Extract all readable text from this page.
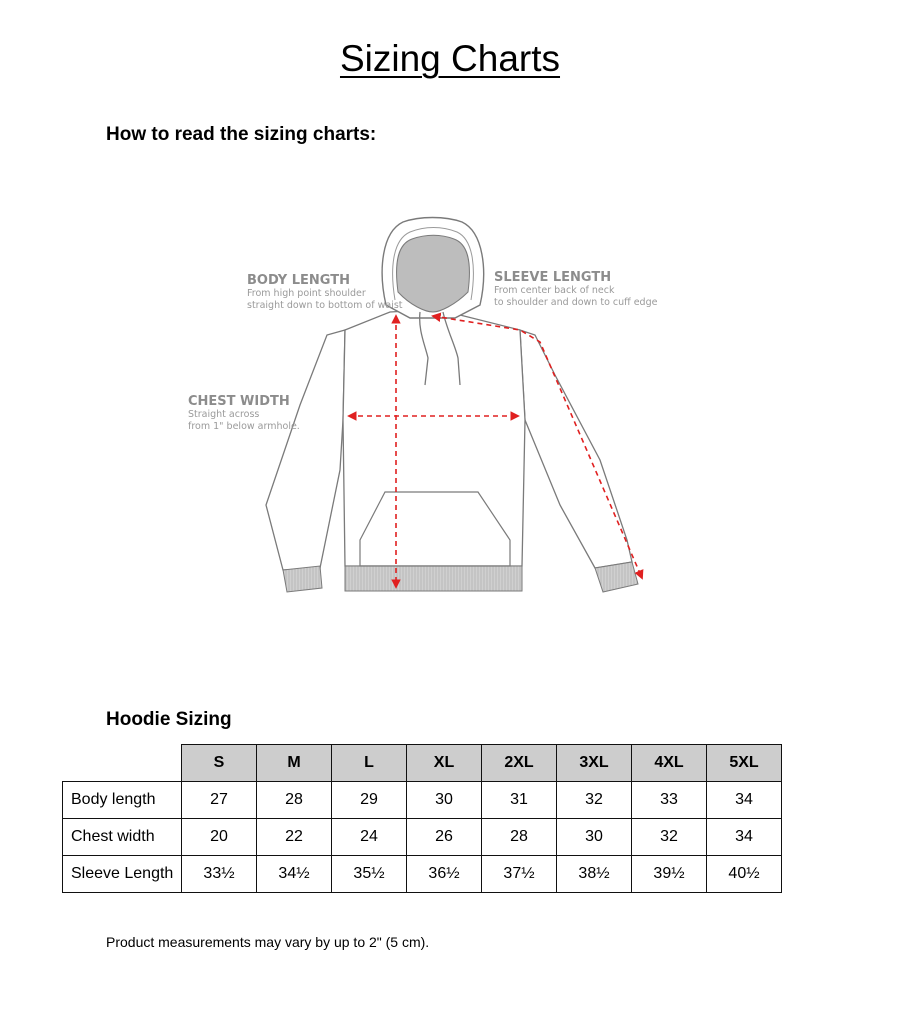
Sizing Charts
How to read the sizing charts:
BODY LENGTH
From high point shoulder
straight down to bottom of waist
SLEEVE LENGTH
From center back of neck
to shoulder and down to cuff edge
CHEST WIDTH
Straight across
from 1" below armhole.
Hoodie Sizing
	S	M	L	XL	2XL	3XL	4XL	5XL
Body length	27	28	29	30	31	32	33	34
Chest width	20	22	24	26	28	30	32	34
Sleeve Length	33½	34½	35½	36½	37½	38½	39½	40½
Product measurements may vary by up to 2" (5 cm).
